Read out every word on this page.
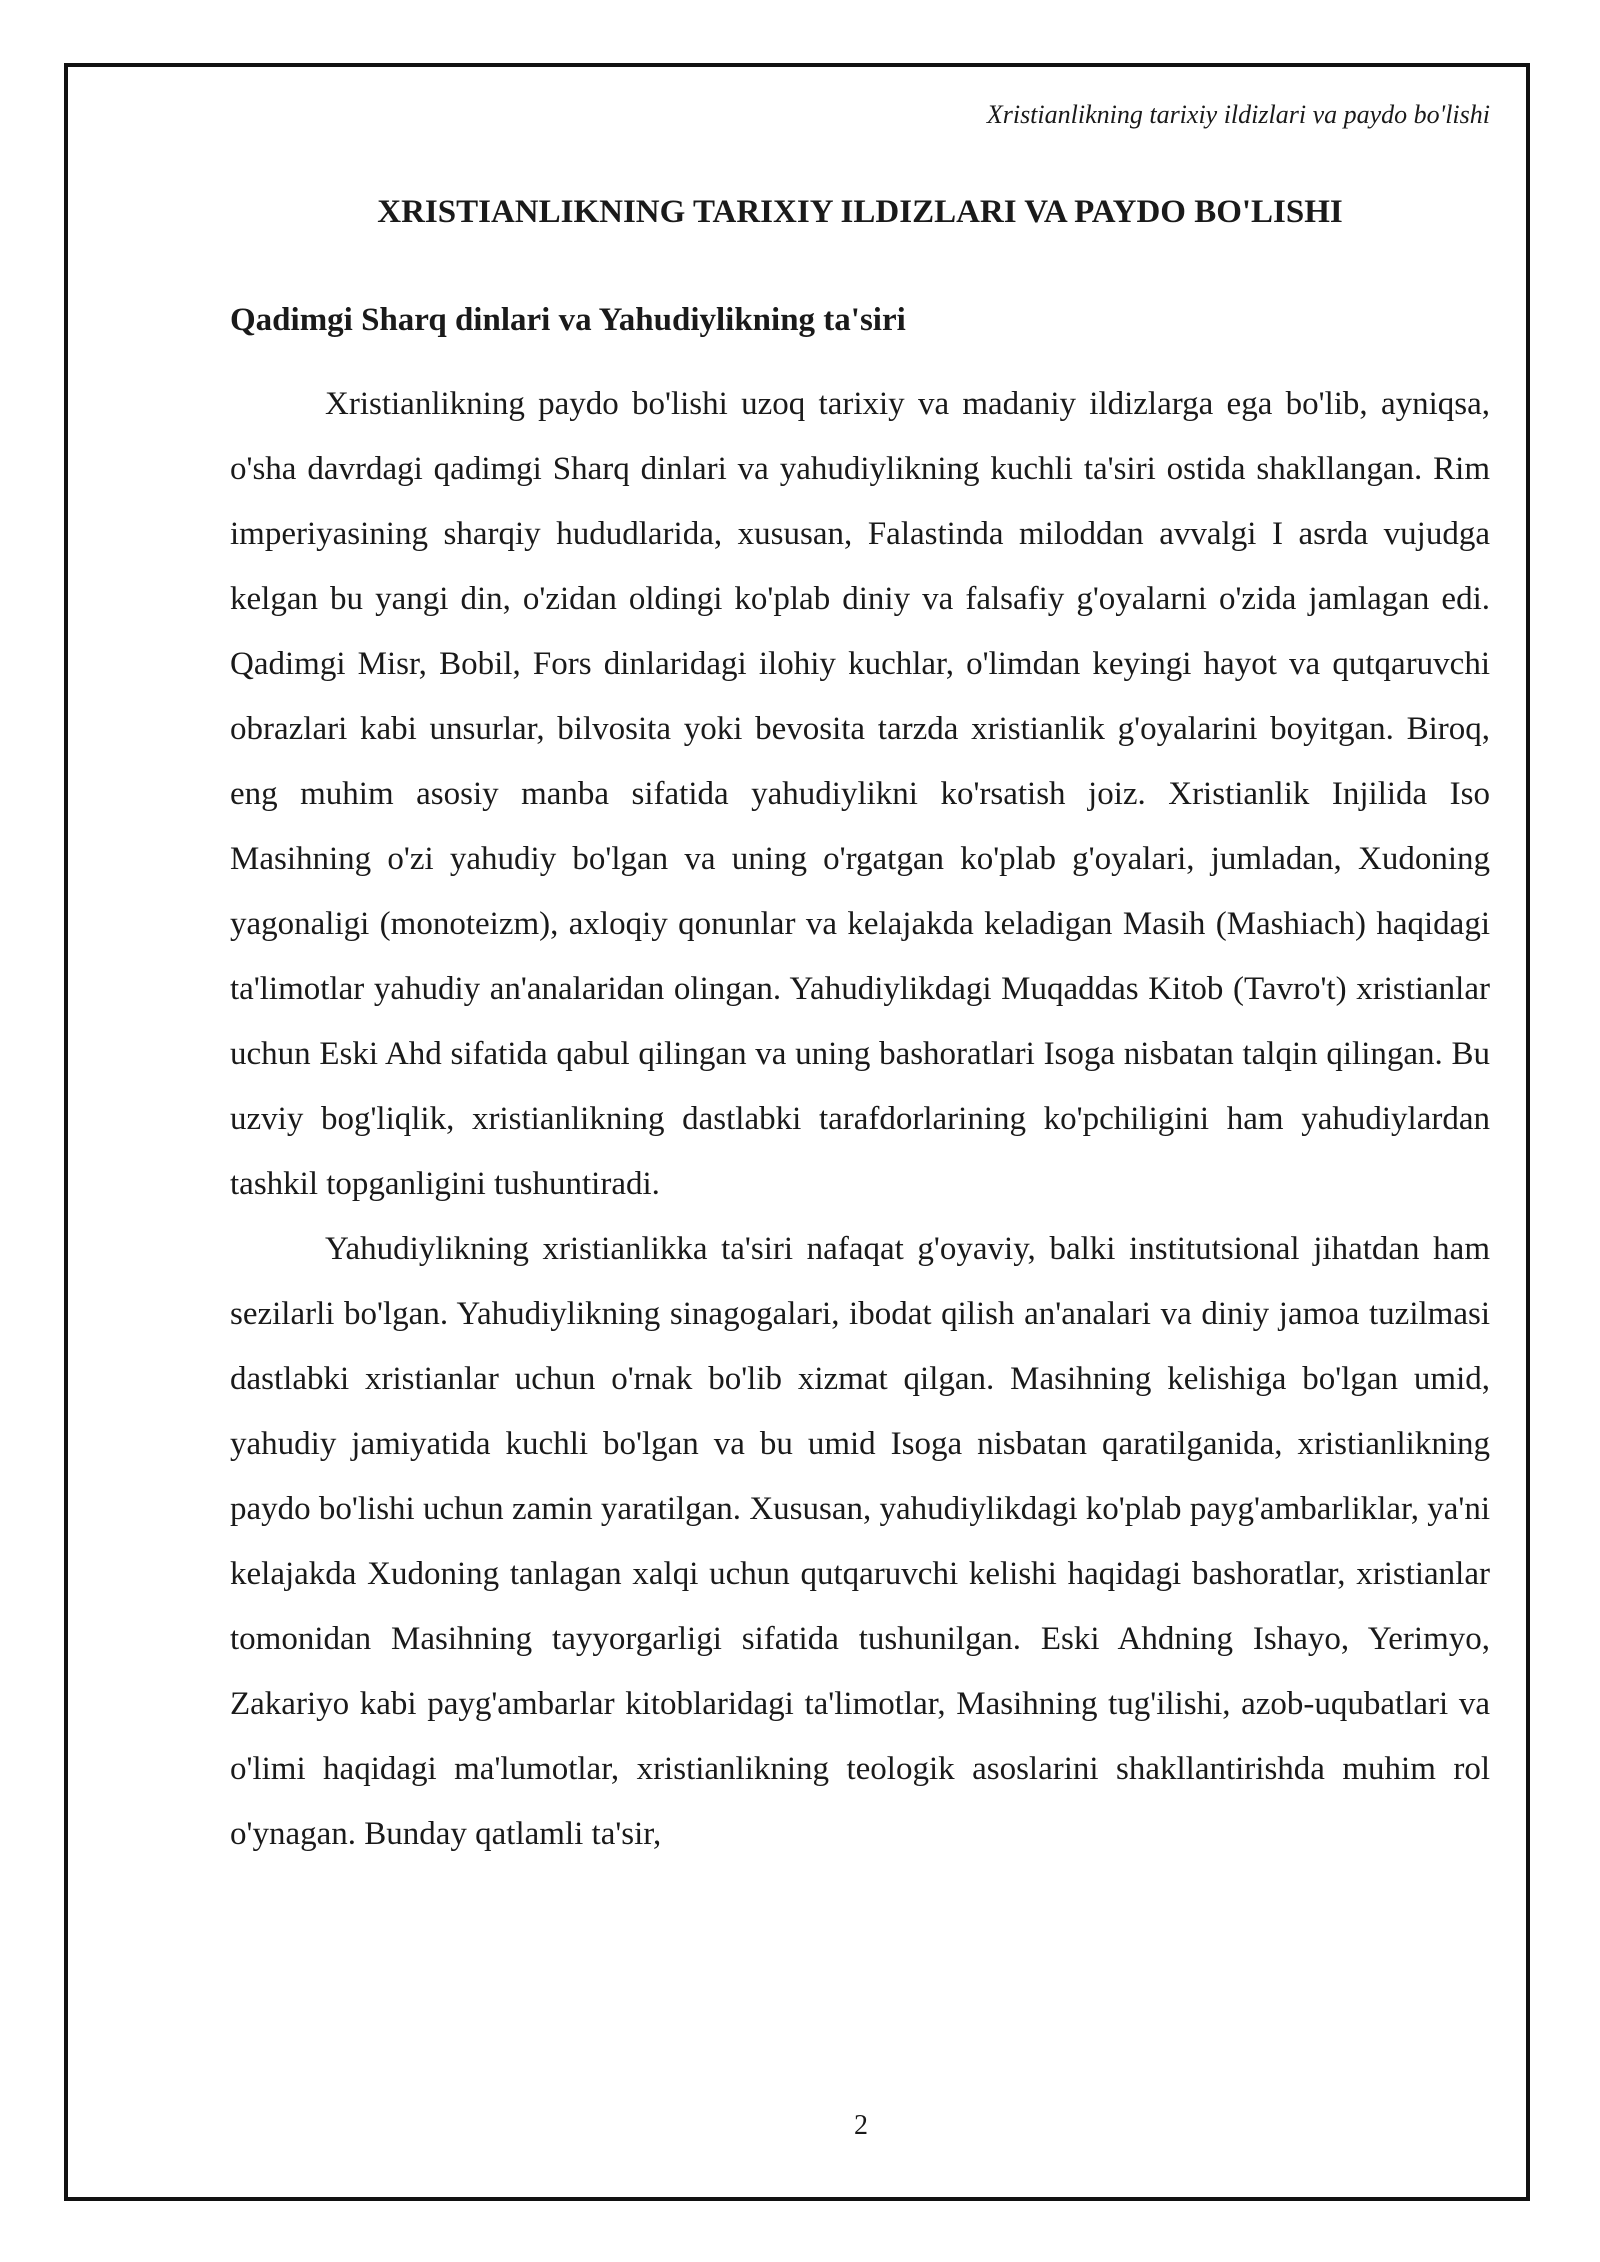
Xristianlikning tarixiy ildizlari va paydo bo'lishi
XRISTIANLIKNING TARIXIY ILDIZLARI VA PAYDO BO'LISHI
Qadimgi Sharq dinlari va Yahudiylikning ta'siri

Xristianlikning paydo bo'lishi uzoq tarixiy va madaniy ildizlarga ega bo'lib, ayniqsa, o'sha davrdagi qadimgi Sharq dinlari va yahudiylikning kuchli ta'siri ostida shakllangan. Rim imperiyasining sharqiy hududlarida, xususan, Falastinda miloddan avvalgi I asrda vujudga kelgan bu yangi din, o'zidan oldingi ko'plab diniy va falsafiy g'oyalarni o'zida jamlagan edi. Qadimgi Misr, Bobil, Fors dinlaridagi ilohiy kuchlar, o'limdan keyingi hayot va qutqaruvchi obrazlari kabi unsurlar, bilvosita yoki bevosita tarzda xristianlik g'oyalarini boyitgan. Biroq, eng muhim asosiy manba sifatida yahudiylikni ko'rsatish joiz. Xristianlik Injilida Iso Masihning o'zi yahudiy bo'lgan va uning o'rgatgan ko'plab g'oyalari, jumladan, Xudoning yagonaligi (monoteizm), axloqiy qonunlar va kelajakda keladigan Masih (Mashiach) haqidagi ta'limotlar yahudiy an'analaridan olingan. Yahudiylikdagi Muqaddas Kitob (Tavro't) xristianlar uchun Eski Ahd sifatida qabul qilingan va uning bashoratlari Isoga nisbatan talqin qilingan. Bu uzviy bog'liqlik, xristianlikning dastlabki tarafdorlarining ko'pchiligini ham yahudiylardan tashkil topganligini tushuntiradi.

Yahudiylikning xristianlikka ta'siri nafaqat g'oyaviy, balki institutsional jihatdan ham sezilarli bo'lgan. Yahudiylikning sinagogalari, ibodat qilish an'analari va diniy jamoa tuzilmasi dastlabki xristianlar uchun o'rnak bo'lib xizmat qilgan. Masihning kelishiga bo'lgan umid, yahudiy jamiyatida kuchli bo'lgan va bu umid Isoga nisbatan qaratilganida, xristianlikning paydo bo'lishi uchun zamin yaratilgan. Xususan, yahudiylikdagi ko'plab payg'ambarliklar, ya'ni kelajakda Xudoning tanlagan xalqi uchun qutqaruvchi kelishi haqidagi bashoratlar, xristianlar tomonidan Masihning tayyorgarligi sifatida tushunilgan. Eski Ahdning Ishayo, Yerimyo, Zakariyo kabi payg'ambarlar kitoblaridagi ta'limotlar, Masihning tug'ilishi, azob-uqubatlari va o'limi haqidagi ma'lumotlar, xristianlikning teologik asoslarini shakllantirishda muhim rol o'ynagan. Bunday qatlamli ta'sir,

2
